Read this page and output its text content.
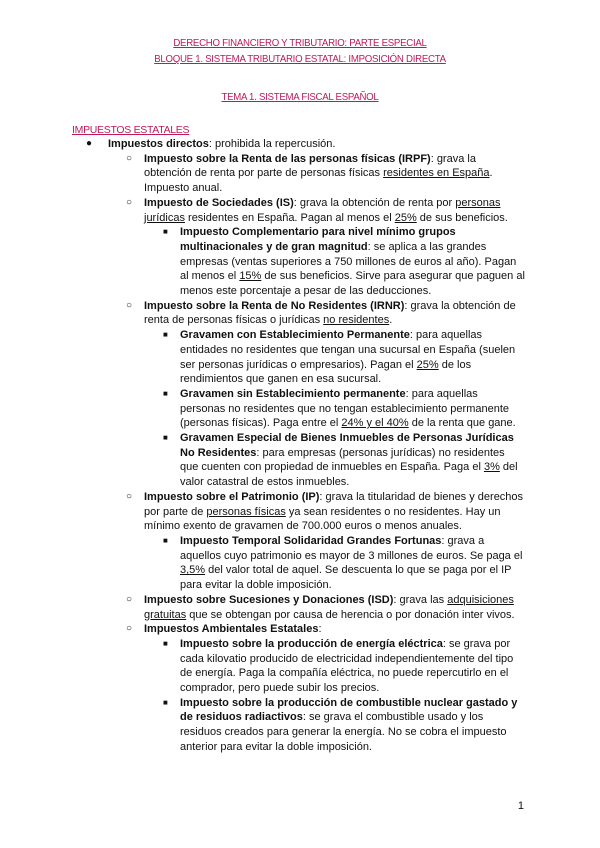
DERECHO FINANCIERO Y TRIBUTARIO: PARTE ESPECIAL
BLOQUE 1. SISTEMA TRIBUTARIO ESTATAL: IMPOSICIÓN DIRECTA
TEMA 1. SISTEMA FISCAL ESPAÑOL
IMPUESTOS ESTATALES
● Impuestos directos: prohibida la repercusión.
○ Impuesto sobre la Renta de las personas físicas (IRPF): grava la obtención de renta por parte de personas físicas residentes en España. Impuesto anual.
○ Impuesto de Sociedades (IS): grava la obtención de renta por personas jurídicas residentes en España. Pagan al menos el 25% de sus beneficios.
■ Impuesto Complementario para nivel mínimo grupos multinacionales y de gran magnitud: se aplica a las grandes empresas (ventas superiores a 750 millones de euros al año). Pagan al menos el 15% de sus beneficios. Sirve para asegurar que paguen al menos este porcentaje a pesar de las deducciones.
○ Impuesto sobre la Renta de No Residentes (IRNR): grava la obtención de renta de personas físicas o jurídicas no residentes.
■ Gravamen con Establecimiento Permanente: para aquellas entidades no residentes que tengan una sucursal en España (suelen ser personas jurídicas o empresarios). Pagan el 25% de los rendimientos que ganen en esa sucursal.
■ Gravamen sin Establecimiento permanente: para aquellas personas no residentes que no tengan establecimiento permanente (personas físicas). Paga entre el 24% y el 40% de la renta que gane.
■ Gravamen Especial de Bienes Inmuebles de Personas Jurídicas No Residentes: para empresas (personas jurídicas) no residentes que cuenten con propiedad de inmuebles en España. Paga el 3% del valor catastral de estos inmuebles.
○ Impuesto sobre el Patrimonio (IP): grava la titularidad de bienes y derechos por parte de personas físicas ya sean residentes o no residentes. Hay un mínimo exento de gravamen de 700.000 euros o menos anuales.
■ Impuesto Temporal Solidaridad Grandes Fortunas: grava a aquellos cuyo patrimonio es mayor de 3 millones de euros. Se paga el 3,5% del valor total de aquel. Se descuenta lo que se paga por el IP para evitar la doble imposición.
○ Impuesto sobre Sucesiones y Donaciones (ISD): grava las adquisiciones gratuitas que se obtengan por causa de herencia o por donación inter vivos.
○ Impuestos Ambientales Estatales:
■ Impuesto sobre la producción de energía eléctrica: se grava por cada kilovatio producido de electricidad independientemente del tipo de energía. Paga la compañía eléctrica, no puede repercutirlo en el comprador, pero puede subir los precios.
■ Impuesto sobre la producción de combustible nuclear gastado y de residuos radiactivos: se grava el combustible usado y los residuos creados para generar la energía. No se cobra el impuesto anterior para evitar la doble imposición.
1
